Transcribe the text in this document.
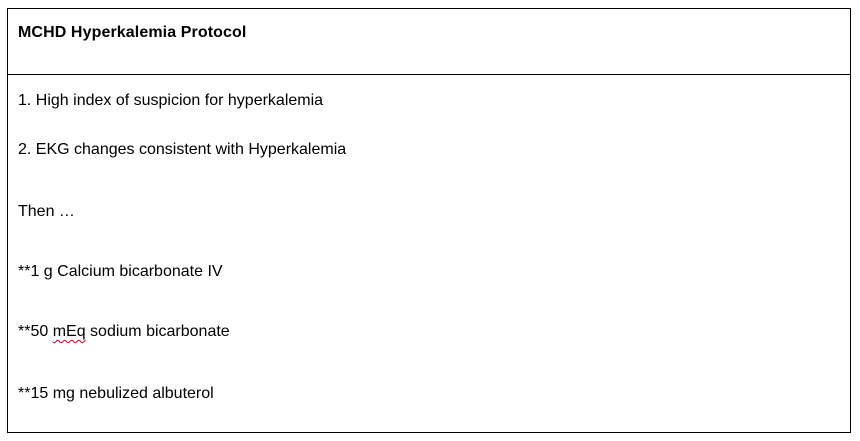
MCHD Hyperkalemia Protocol
1. High index of suspicion for hyperkalemia
2. EKG changes consistent with Hyperkalemia
Then …
**1 g Calcium bicarbonate IV
**50 mEq sodium bicarbonate
**15 mg nebulized albuterol
